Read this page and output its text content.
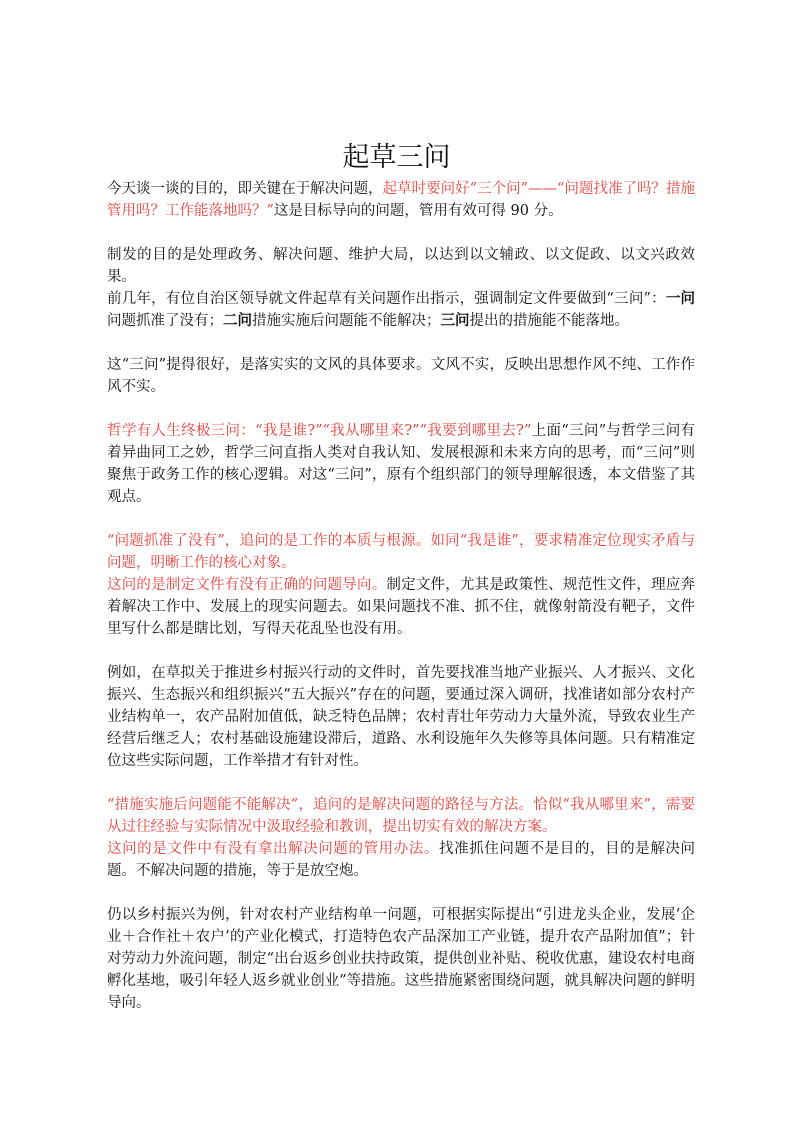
起草三问

今天谈一谈的目的，即关键在于解决问题，起草时要问好“三个问”——“问题找准了吗？措施管用吗？工作能落地吗？”这是目标导向的问题，管用有效可得 90 分。

制发的目的是处理政务、解决问题、维护大局，以达到以文辅政、以文促政、以文兴政效果。

前几年，有位自治区领导就文件起草有关问题作出指示，强调制定文件要做到“三问”：一问问题抓准了没有；二问措施实施后问题能不能解决；三问提出的措施能不能落地。

这“三问”提得很好，是落实实的文风的具体要求。文风不实，反映出思想作风不纯、工作作风不实。

哲学有人生终极三问：“我是谁?”“我从哪里来?”“我要到哪里去?”上面“三问”与哲学三问有着异曲同工之妙，哲学三问直指人类对自我认知、发展根源和未来方向的思考，而“三问”则聚焦于政务工作的核心逻辑。对这“三问”，原有个组织部门的领导理解很透，本文借鉴了其观点。

“问题抓准了没有”，追问的是工作的本质与根源。如同“我是谁”，要求精准定位现实矛盾与问题，明晰工作的核心对象。

这问的是制定文件有没有正确的问题导向。制定文件，尤其是政策性、规范性文件，理应奔着解决工作中、发展上的现实问题去。如果问题找不准、抓不住，就像射箭没有靶子，文件里写什么都是瞎比划，写得天花乱坠也没有用。

例如，在草拟关于推进乡村振兴行动的文件时，首先要找准当地产业振兴、人才振兴、文化振兴、生态振兴和组织振兴“五大振兴”存在的问题，要通过深入调研，找准诸如部分农村产业结构单一，农产品附加值低，缺乏特色品牌；农村青壮年劳动力大量外流，导致农业生产经营后继乏人；农村基础设施建设滞后，道路、水利设施年久失修等具体问题。只有精准定位这些实际问题，工作举措才有针对性。

“措施实施后问题能不能解决”，追问的是解决问题的路径与方法。恰似“我从哪里来”，需要从过往经验与实际情况中汲取经验和教训，提出切实有效的解决方案。

这问的是文件中有没有拿出解决问题的管用办法。找准抓住问题不是目的，目的是解决问题。不解决问题的措施，等于是放空炮。

仍以乡村振兴为例，针对农村产业结构单一问题，可根据实际提出“引进龙头企业，发展‘企业＋合作社＋农户’的产业化模式，打造特色农产品深加工产业链，提升农产品附加值”；针对劳动力外流问题，制定“出台返乡创业扶持政策，提供创业补贴、税收优惠，建设农村电商孵化基地，吸引年轻人返乡就业创业”等措施。这些措施紧密围绕问题，就具解决问题的鲜明导向。
